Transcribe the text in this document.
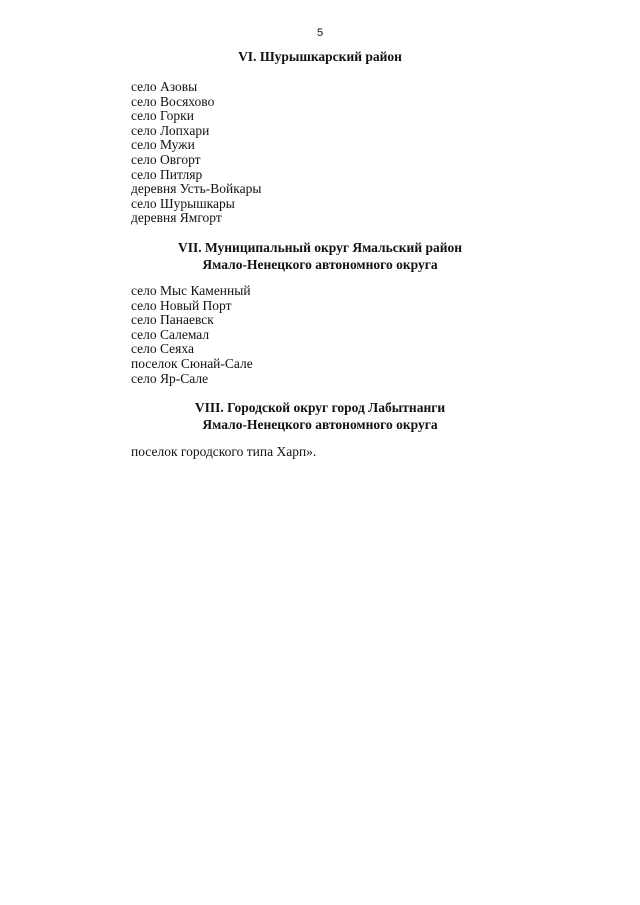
5
VI. Шурышкарский район
село Азовы
село Восяхово
село Горки
село Лопхари
село Мужи
село Овгорт
село Питляр
деревня Усть-Войкары
село Шурышкары
деревня Ямгорт
VII. Муниципальный округ Ямальский район
Ямало-Ненецкого автономного округа
село Мыс Каменный
село Новый Порт
село Панаевск
село Салемал
село Сеяха
поселок Сюнай-Сале
село Яр-Сале
VIII. Городской округ город Лабытнанги
Ямало-Ненецкого автономного округа

поселок городского типа Харп».
